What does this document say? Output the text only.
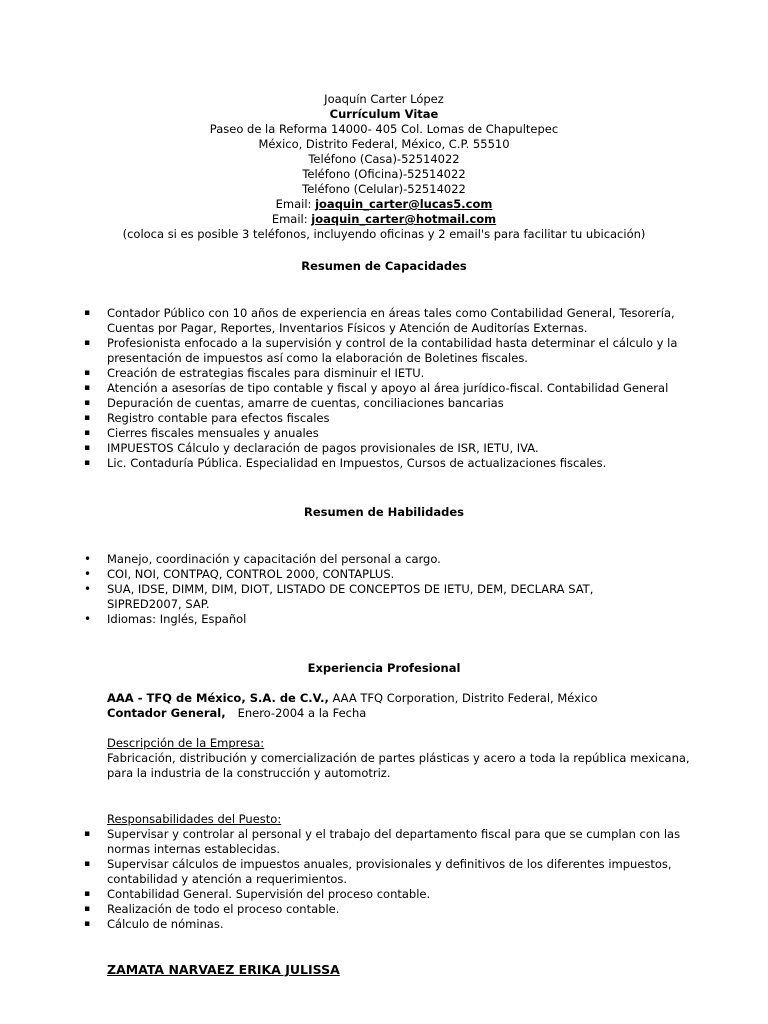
Joaquín Carter López
Currículum Vitae
Paseo de la Reforma 14000- 405 Col. Lomas de Chapultepec
México, Distrito Federal, México, C.P. 55510
Teléfono (Casa)-52514022
Teléfono (Oficina)-52514022
Teléfono (Celular)-52514022
Email: joaquin_carter@lucas5.com
Email: joaquin_carter@hotmail.com
(coloca si es posible 3 teléfonos, incluyendo oficinas y 2 email's para facilitar tu ubicación)
Resumen de Capacidades
▪ Contador Público con 10 años de experiencia en áreas tales como Contabilidad General, Tesorería, Cuentas por Pagar, Reportes, Inventarios Físicos y Atención de Auditorías Externas.
▪ Profesionista enfocado a la supervisión y control de la contabilidad hasta determinar el cálculo y la presentación de impuestos así como la elaboración de Boletines fiscales.
▪ Creación de estrategias fiscales para disminuir el IETU.
▪ Atención a asesorías de tipo contable y fiscal y apoyo al área jurídico-fiscal. Contabilidad General
▪ Depuración de cuentas, amarre de cuentas, conciliaciones bancarias
▪ Registro contable para efectos fiscales
▪ Cierres fiscales mensuales y anuales
▪ IMPUESTOS Cálculo y declaración de pagos provisionales de ISR, IETU, IVA.
▪ Lic. Contaduría Pública. Especialidad en Impuestos, Cursos de actualizaciones fiscales.
Resumen de Habilidades
• Manejo, coordinación y capacitación del personal a cargo.
• COI, NOI, CONTPAQ, CONTROL 2000, CONTAPLUS.
• SUA, IDSE, DIMM, DIM, DIOT, LISTADO DE CONCEPTOS DE IETU, DEM, DECLARA SAT, SIPRED2007, SAP.
• Idiomas: Inglés, Español
Experiencia Profesional
AAA - TFQ de México, S.A. de C.V., AAA TFQ Corporation, Distrito Federal, México
Contador General, Enero-2004 a la Fecha
Descripción de la Empresa:
Fabricación, distribución y comercialización de partes plásticas y acero a toda la república mexicana, para la industria de la construcción y automotriz.
Responsabilidades del Puesto:
▪ Supervisar y controlar al personal y el trabajo del departamento fiscal para que se cumplan con las normas internas establecidas.
▪ Supervisar cálculos de impuestos anuales, provisionales y definitivos de los diferentes impuestos, contabilidad y atención a requerimientos.
▪ Contabilidad General. Supervisión del proceso contable.
▪ Realización de todo el proceso contable.
▪ Cálculo de nóminas.
ZAMATA NARVAEZ ERIKA JULISSA
